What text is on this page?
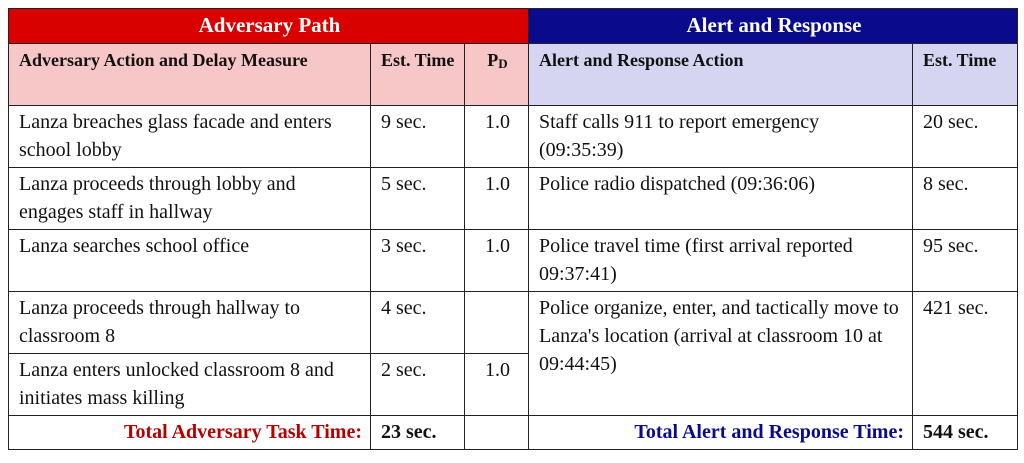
Adversary Path			Alert and Response	
Adversary Action and Delay Measure	Est. Time	$P_D$	Alert and Response Action	Est. Time
Lanza breaches glass facade and enters school lobby	9 sec.	1.0	Staff calls 911 to report emergency (09:35:39)	20 sec.
Lanza proceeds through lobby and engages staff in hallway	5 sec.	1.0	Police radio dispatched (09:36:06)	8 sec.
Lanza searches school office	3 sec.	1.0	Police travel time (first arrival reported 09:37:41)	95 sec.
Lanza proceeds through hallway to classroom 8	4 sec.		Police organize, enter, and tactically move to Lanza's location (arrival at classroom 10 at 09:44:45)	421 sec.
Lanza enters unlocked classroom 8 and initiates mass killing	2 sec.	1.0		
Total Adversary Task Time:	23 sec.		Total Alert and Response Time:	544 sec.
